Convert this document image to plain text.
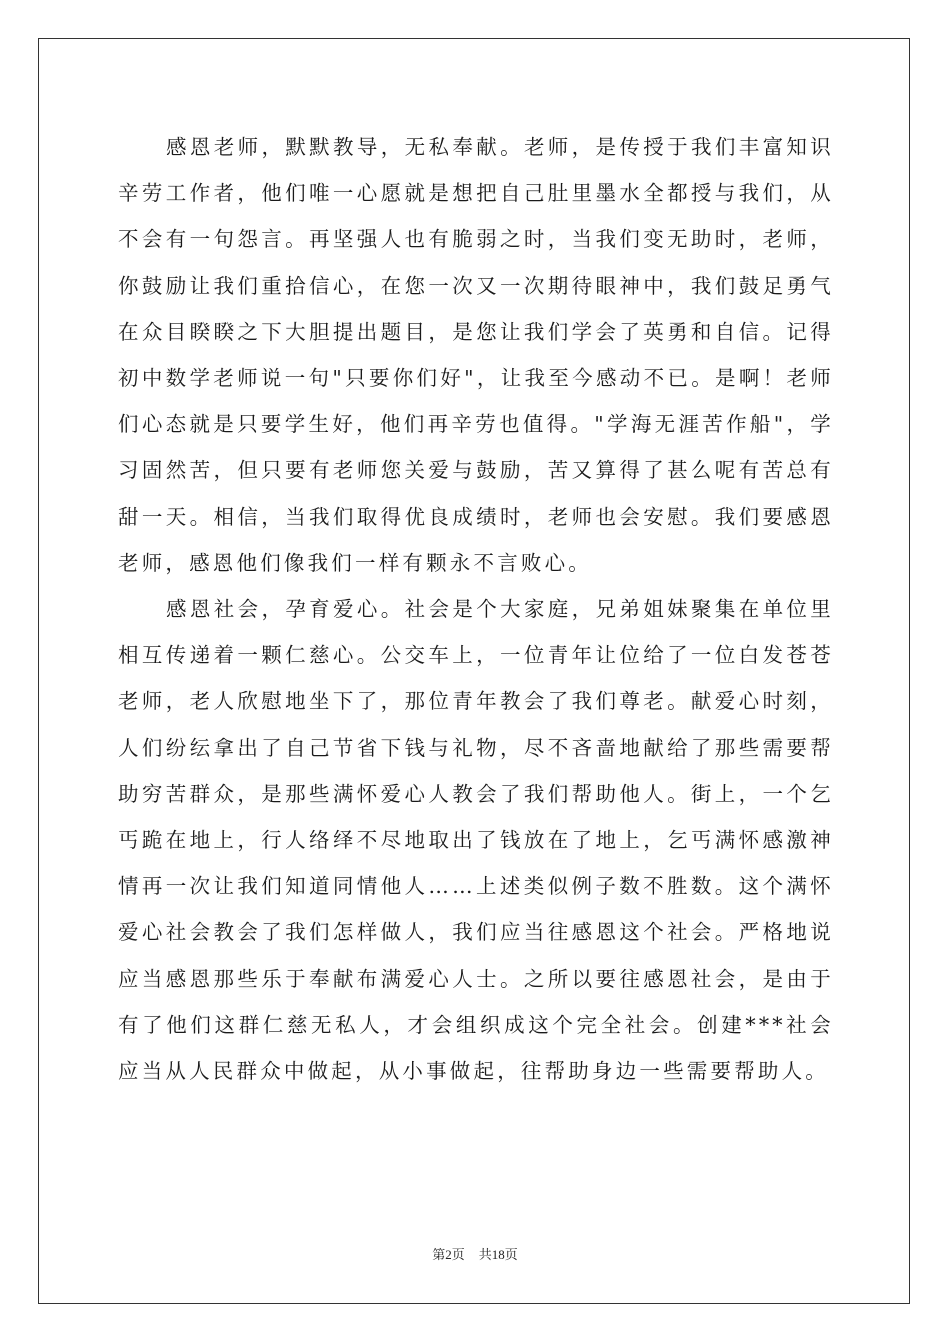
感恩老师，默默教导，无私奉献。老师，是传授于我们丰富知识辛劳工作者，他们唯一心愿就是想把自己肚里墨水全都授与我们，从不会有一句怨言。再坚强人也有脆弱之时，当我们变无助时，老师，你鼓励让我们重拾信心，在您一次又一次期待眼神中，我们鼓足勇气在众目睽睽之下大胆提出题目，是您让我们学会了英勇和自信。记得初中数学老师说一句"只要你们好"，让我至今感动不已。是啊！老师们心态就是只要学生好，他们再辛劳也值得。"学海无涯苦作船"，学习固然苦，但只要有老师您关爱与鼓励，苦又算得了甚么呢有苦总有甜一天。相信，当我们取得优良成绩时，老师也会安慰。我们要感恩老师，感恩他们像我们一样有颗永不言败心。

感恩社会，孕育爱心。社会是个大家庭，兄弟姐妹聚集在单位里相互传递着一颗仁慈心。公交车上，一位青年让位给了一位白发苍苍老师，老人欣慰地坐下了，那位青年教会了我们尊老。献爱心时刻，人们纷纭拿出了自己节省下钱与礼物，尽不吝啬地献给了那些需要帮助穷苦群众，是那些满怀爱心人教会了我们帮助他人。街上，一个乞丐跪在地上，行人络绎不尽地取出了钱放在了地上，乞丐满怀感激神情再一次让我们知道同情他人……上述类似例子数不胜数。这个满怀爱心社会教会了我们怎样做人，我们应当往感恩这个社会。严格地说应当感恩那些乐于奉献布满爱心人士。之所以要往感恩社会，是由于有了他们这群仁慈无私人，才会组织成这个完全社会。创建***社会应当从人民群众中做起，从小事做起，往帮助身边一些需要帮助人。

第2页 共18页
